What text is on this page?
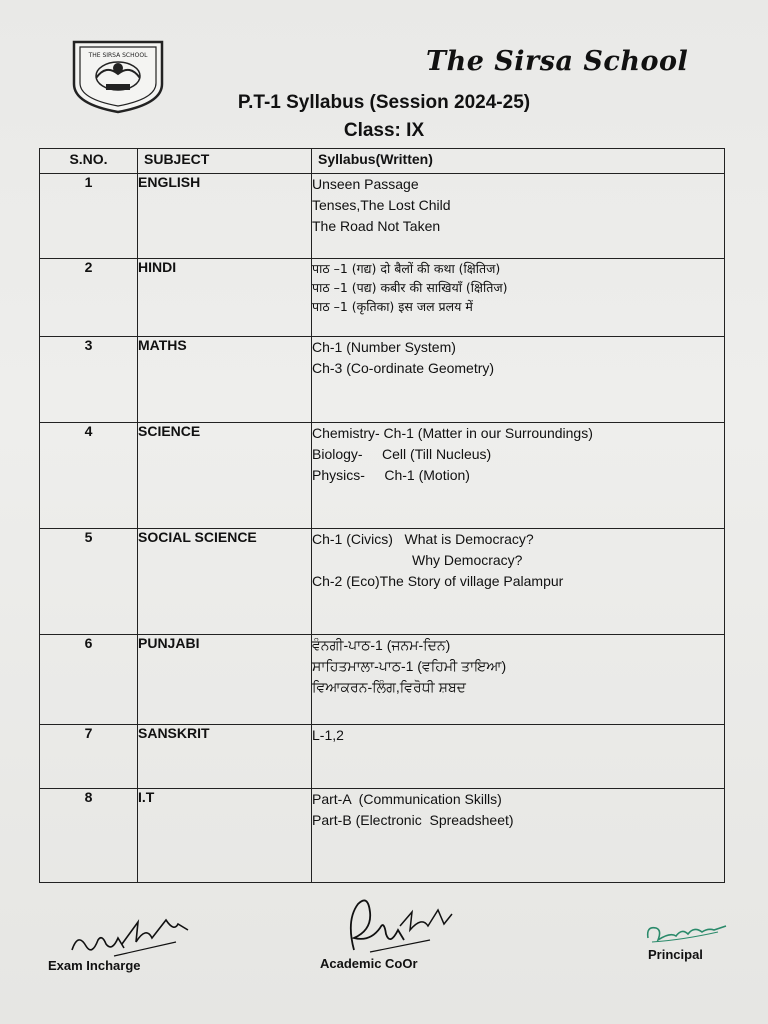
THE SIRSA SCHOOL	The Sirsa School
P.T-1 Syllabus (Session 2024-25)
Class: IX
S.NO.	SUBJECT	Syllabus(Written)
1	ENGLISH	Unseen Passage
Tenses,The Lost Child
The Road Not Taken

2	HINDI	पाठ –1 (गद्य) दो बैलों की कथा (क्षितिज)
पाठ –1 (पद्य) कबीर की साखियाँ (क्षितिज)
पाठ –1 (कृतिका) इस जल प्रलय में

3	MATHS	Ch-1 (Number System)
Ch-3 (Co-ordinate Geometry)

4	SCIENCE	Chemistry- Ch-1 (Matter in our Surroundings)
Biology-     Cell (Till Nucleus)
Physics-     Ch-1 (Motion)

5	SOCIAL SCIENCE	Ch-1 (Civics)   What is Democracy?
Why Democracy?
Ch-2 (Eco)The Story of village Palampur

6	PUNJABI	ਵੰਨਗੀ-ਪਾਠ-1 (ਜਨਮ-ਦਿਨ)
ਸਾਹਿਤਮਾਲਾ-ਪਾਠ-1 (ਵਹਿਮੀ ਤਾਇਆ)
ਵਿਆਕਰਨ-ਲਿੰਗ,ਵਿਰੋਧੀ ਸ਼ਬਦ

7	SANSKRIT	L-1,2

8	I.T	Part-A  (Communication Skills)
Part-B (Electronic  Spreadsheet)
Exam Incharge	Academic CoOr
Principal
